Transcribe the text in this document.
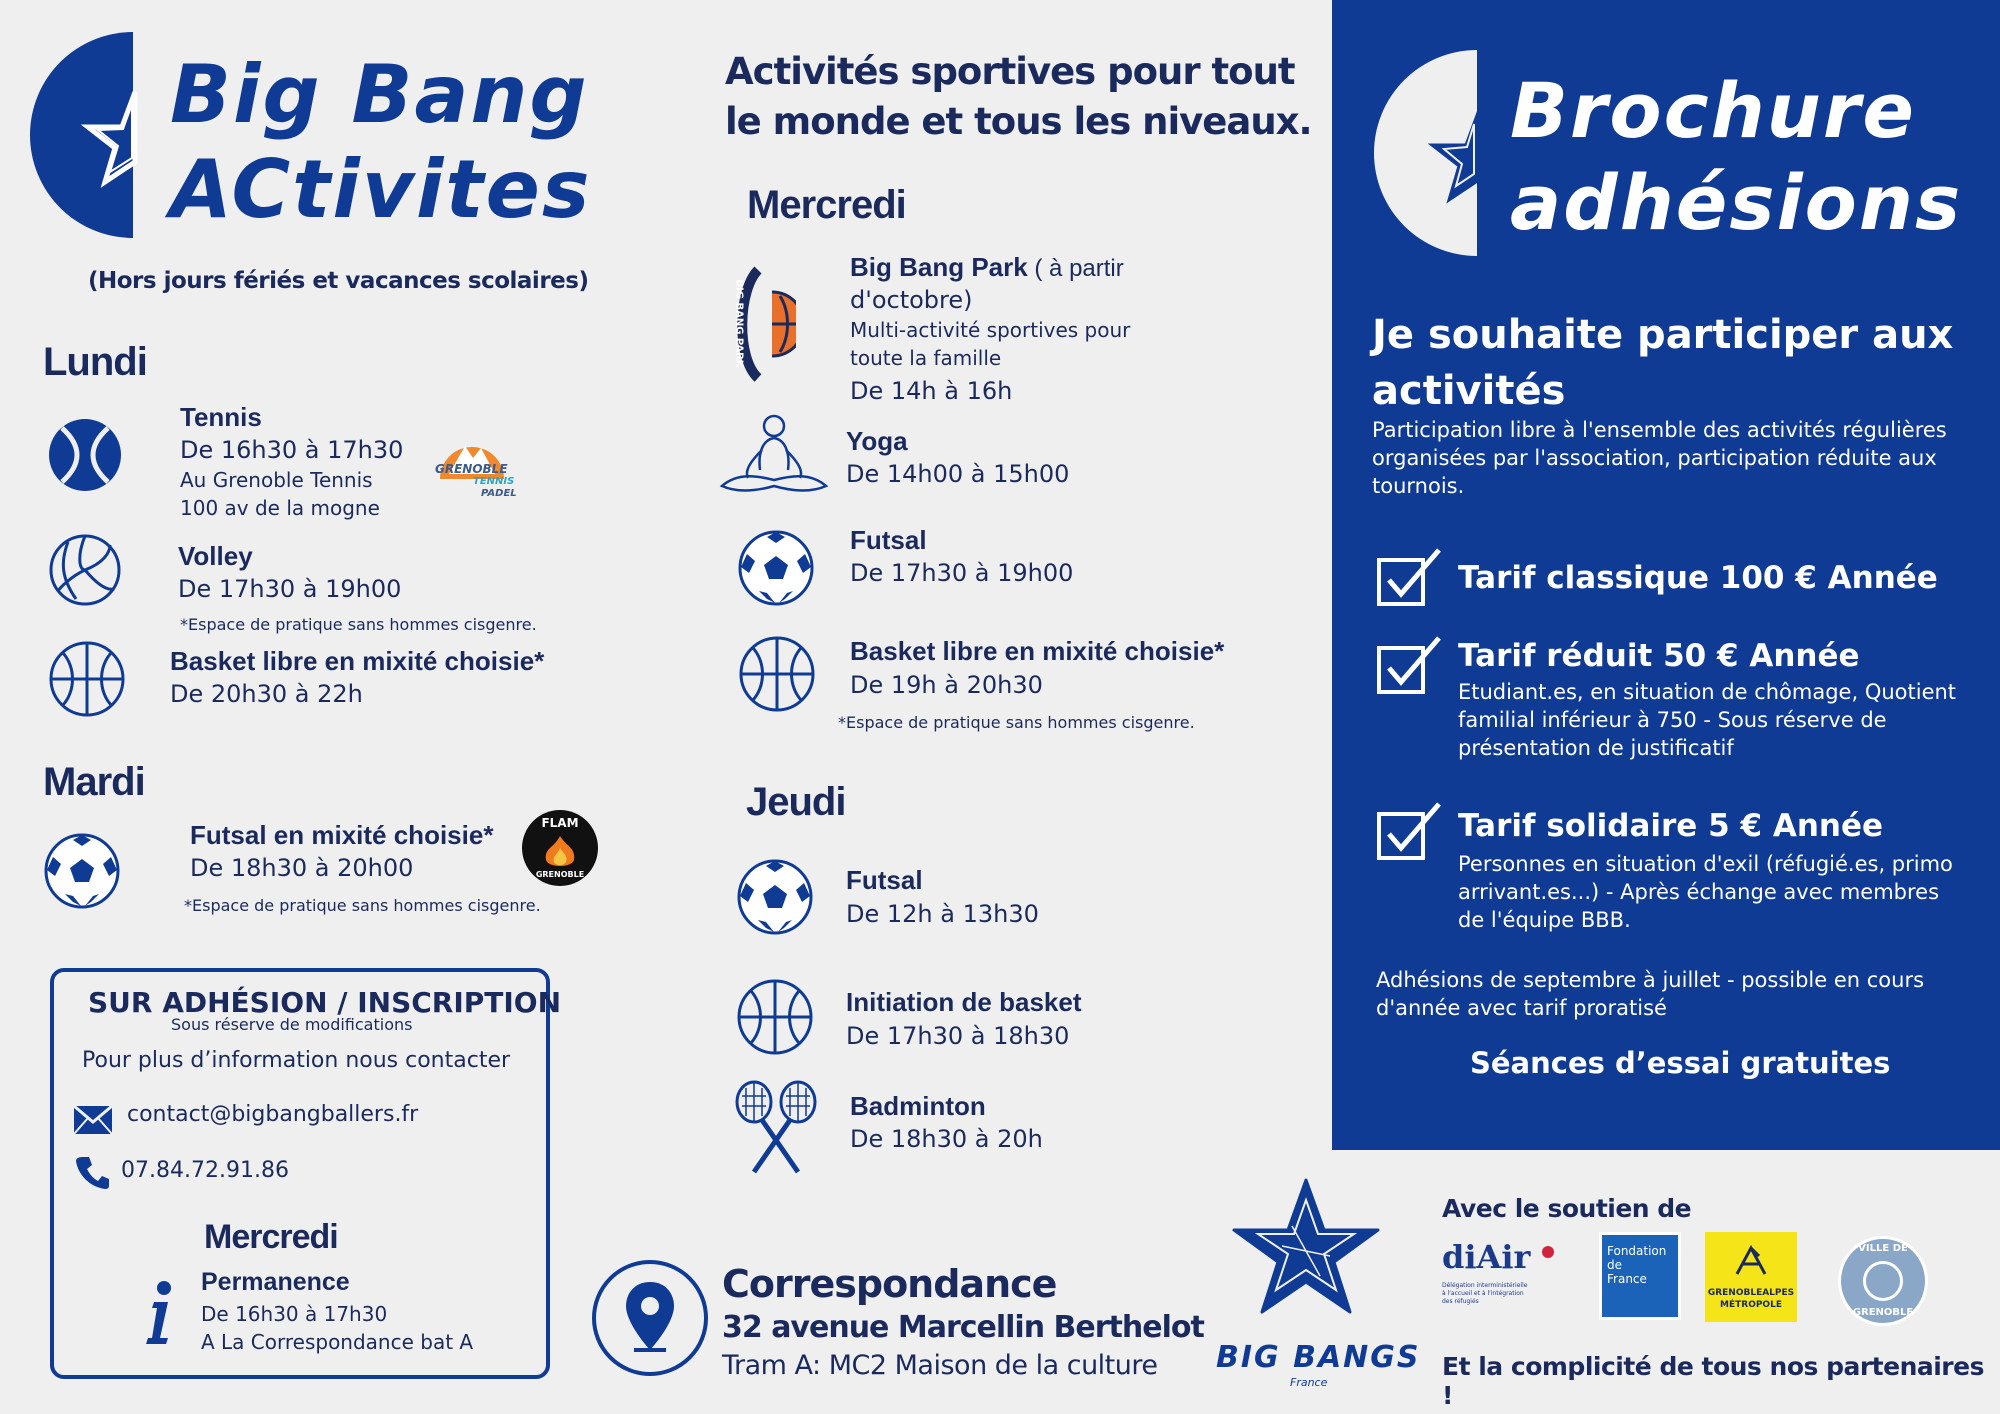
Big Bang
ACtivites
(Hors jours fériés et vacances scolaires)
Activités sportives pour tout
le monde et tous les niveaux.
Lundi
Tennis
De 16h30 à 17h30
Au Grenoble Tennis
100 av de la mogne
GRENOBLE
TENNIS
PADEL
Volley
De 17h30 à 19h00
*Espace de pratique sans hommes cisgenre.
Basket libre en mixité choisie*
De 20h30 à 22h
Mardi
Futsal en mixité choisie*
De 18h30 à 20h00
*Espace de pratique sans hommes cisgenre.
FLAM
GRENOBLE
SUR ADHÉSION / INSCRIPTION
Sous réserve de modifications
Pour plus d’information nous contacter
contact@bigbangballers.fr
07.84.72.91.86
Mercredi
Permanence
De 16h30 à 17h30
A La Correspondance bat A
Mercredi
BIG BANG PARK
Big Bang Park ( à partir
d'octobre)
Multi-activité sportives pour
toute la famille
De 14h à 16h
Yoga
De 14h00 à 15h00
Futsal
De 17h30 à 19h00
Basket libre en mixité choisie*
De 19h à 20h30
*Espace de pratique sans hommes cisgenre.
Jeudi
Futsal
De 12h à 13h30
Initiation de basket
De 17h30 à 18h30
Badminton
De 18h30 à 20h
Correspondance
32 avenue Marcellin Berthelot
Tram A: MC2 Maison de la culture
Brochure
adhésions
Je souhaite participer aux
activités
Participation libre à l'ensemble des activités régulières
organisées par l'association, participation réduite aux
tournois.
Tarif classique 100 € Année
Tarif réduit 50 € Année
Etudiant.es, en situation de chômage, Quotient
familial inférieur à 750 - Sous réserve de
présentation de justificatif
Tarif solidaire 5 € Année
Personnes en situation d'exil (réfugié.es, primo
arrivant.es...) - Après échange avec membres
de l'équipe BBB.
Adhésions de septembre à juillet - possible en cours
d'année avec tarif proratisé
Séances d’essai gratuites
BIG BANGS
France
Avec le soutien de
diAir
Délégation interministérielle
à l'accueil et à l'intégration
des réfugiés
Fondation
de
France
GRENOBLEALPES
MÉTROPOLE
VILLE DE
GRENOBLE
Et la complicité de tous nos partenaires !
